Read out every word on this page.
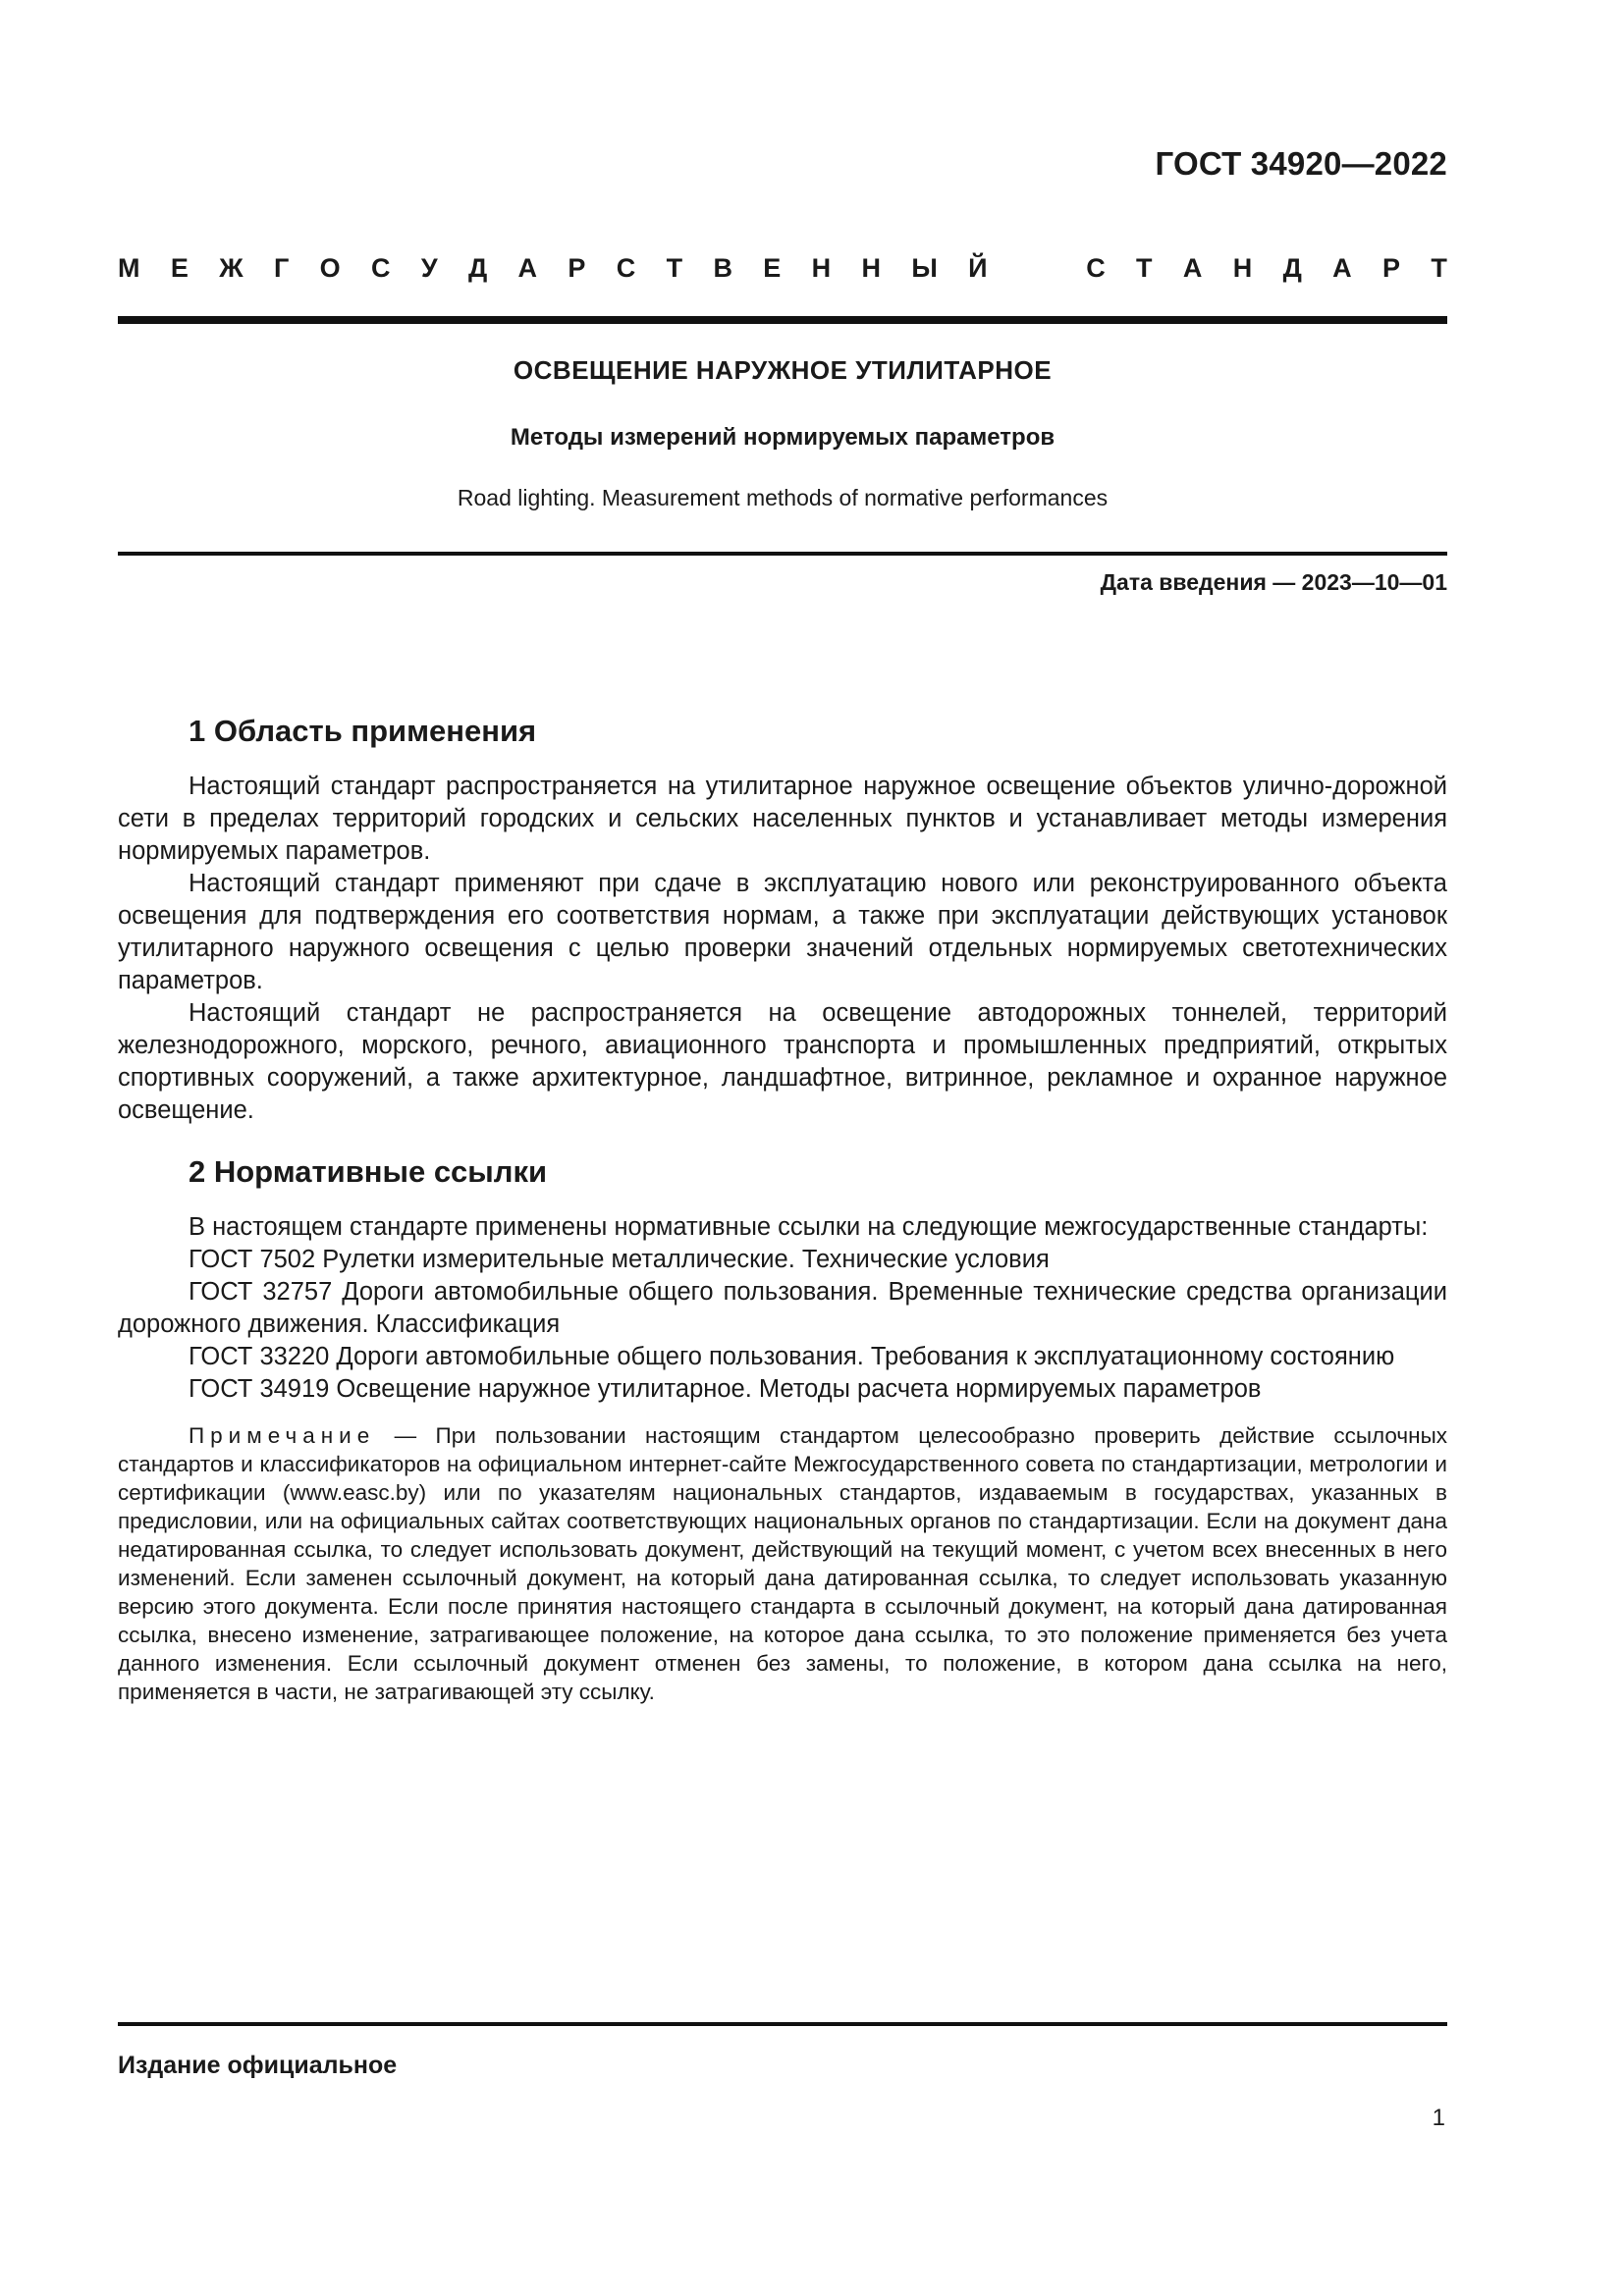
ГОСТ 34920—2022
М Е Ж Г О С У Д А Р С Т В Е Н Н Ы Й	С Т А Н Д А Р Т
ОСВЕЩЕНИЕ НАРУЖНОЕ УТИЛИТАРНОЕ
Методы измерений нормируемых параметров
Road lighting. Measurement methods of normative performances
Дата введения — 2023—10—01
1 Область применения

Настоящий стандарт распространяется на утилитарное наружное освещение объектов улично-дорожной сети в пределах территорий городских и сельских населенных пунктов и устанавливает методы измерения нормируемых параметров.

Настоящий стандарт применяют при сдаче в эксплуатацию нового или реконструированного объекта освещения для подтверждения его соответствия нормам, а также при эксплуатации действующих установок утилитарного наружного освещения с целью проверки значений отдельных нормируемых светотехнических параметров.

Настоящий стандарт не распространяется на освещение автодорожных тоннелей, территорий железнодорожного, морского, речного, авиационного транспорта и промышленных предприятий, открытых спортивных сооружений, а также архитектурное, ландшафтное, витринное, рекламное и охранное наружное освещение.

2 Нормативные ссылки

В настоящем стандарте применены нормативные ссылки на следующие межгосударственные стандарты:

ГОСТ 7502 Рулетки измерительные металлические. Технические условия

ГОСТ 32757 Дороги автомобильные общего пользования. Временные технические средства организации дорожного движения. Классификация

ГОСТ 33220 Дороги автомобильные общего пользования. Требования к эксплуатационному состоянию

ГОСТ 34919 Освещение наружное утилитарное. Методы расчета нормируемых параметров

Примечание — При пользовании настоящим стандартом целесообразно проверить действие ссылочных стандартов и классификаторов на официальном интернет-сайте Межгосударственного совета по стандартизации, метрологии и сертификации (www.easc.by) или по указателям национальных стандартов, издаваемым в государствах, указанных в предисловии, или на официальных сайтах соответствующих национальных органов по стандартизации. Если на документ дана недатированная ссылка, то следует использовать документ, действующий на текущий момент, с учетом всех внесенных в него изменений. Если заменен ссылочный документ, на который дана датированная ссылка, то следует использовать указанную версию этого документа. Если после принятия настоящего стандарта в ссылочный документ, на который дана датированная ссылка, внесено изменение, затрагивающее положение, на которое дана ссылка, то это положение применяется без учета данного изменения. Если ссылочный документ отменен без замены, то положение, в котором дана ссылка на него, применяется в части, не затрагивающей эту ссылку.

Издание официальное
1
